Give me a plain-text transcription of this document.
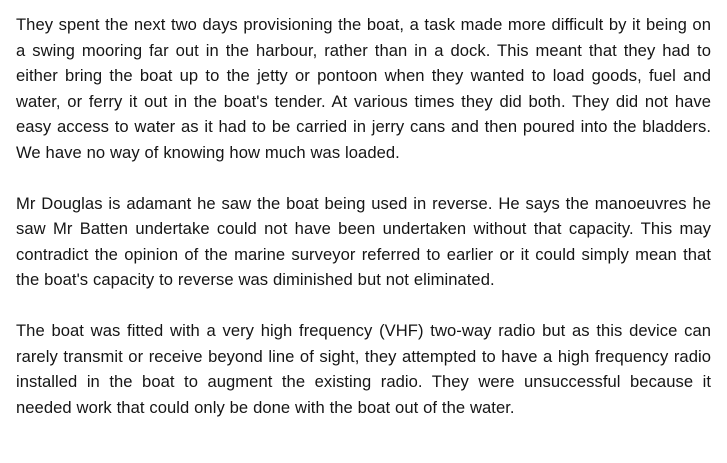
They spent the next two days provisioning the boat, a task made more difficult by it being on a swing mooring far out in the harbour, rather than in a dock. This meant that they had to either bring the boat up to the jetty or pontoon when they wanted to load goods, fuel and water, or ferry it out in the boat's tender. At various times they did both. They did not have easy access to water as it had to be carried in jerry cans and then poured into the bladders. We have no way of knowing how much was loaded.

Mr Douglas is adamant he saw the boat being used in reverse. He says the manoeuvres he saw Mr Batten undertake could not have been undertaken without that capacity. This may contradict the opinion of the marine surveyor referred to earlier or it could simply mean that the boat's capacity to reverse was diminished but not eliminated.

The boat was fitted with a very high frequency (VHF) two-way radio but as this device can rarely transmit or receive beyond line of sight, they attempted to have a high frequency radio installed in the boat to augment the existing radio. They were unsuccessful because it needed work that could only be done with the boat out of the water.
